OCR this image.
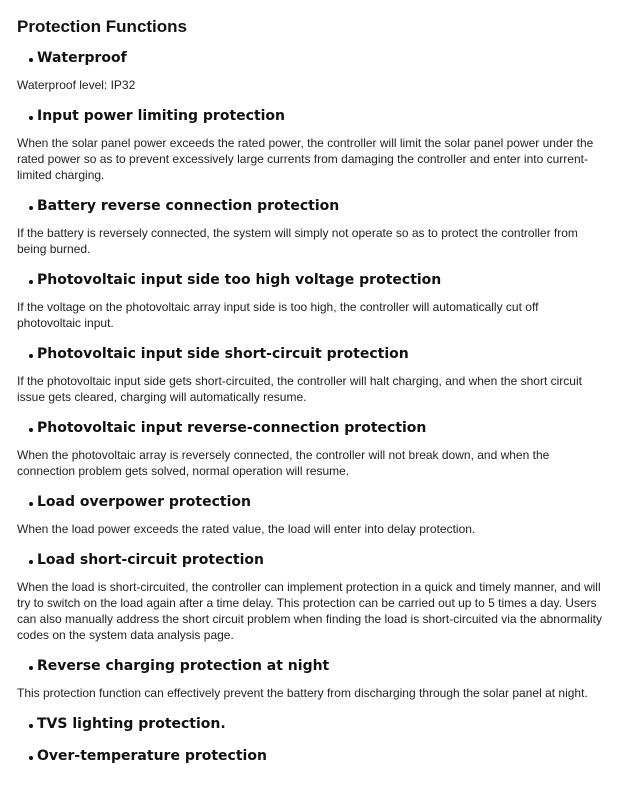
Protection Functions
Waterproof
Waterproof level: IP32
Input power limiting protection
When the solar panel power exceeds the rated power, the controller will limit the solar panel power under the rated power so as to prevent excessively large currents from damaging the controller and enter into current-limited charging.
Battery reverse connection protection
If the battery is reversely connected, the system will simply not operate so as to protect the controller from being burned.
Photovoltaic input side too high voltage protection
If the voltage on the photovoltaic array input side is too high, the controller will automatically cut off photovoltaic input.
Photovoltaic input side short-circuit protection
If the photovoltaic input side gets short-circuited, the controller will halt charging, and when the short circuit issue gets cleared, charging will automatically resume.
Photovoltaic input reverse-connection protection
When the photovoltaic array is reversely connected, the controller will not break down, and when the connection problem gets solved, normal operation will resume.
Load overpower protection
When the load power exceeds the rated value, the load will enter into delay protection.
Load short-circuit protection
When the load is short-circuited, the controller can implement protection in a quick and timely manner, and will try to switch on the load again after a time delay. This protection can be carried out up to 5 times a day. Users can also manually address the short circuit problem when finding the load is short-circuited via the abnormality codes on the system data analysis page.
Reverse charging protection at night
This protection function can effectively prevent the battery from discharging through the solar panel at night.
TVS lighting protection.
Over-temperature protection
